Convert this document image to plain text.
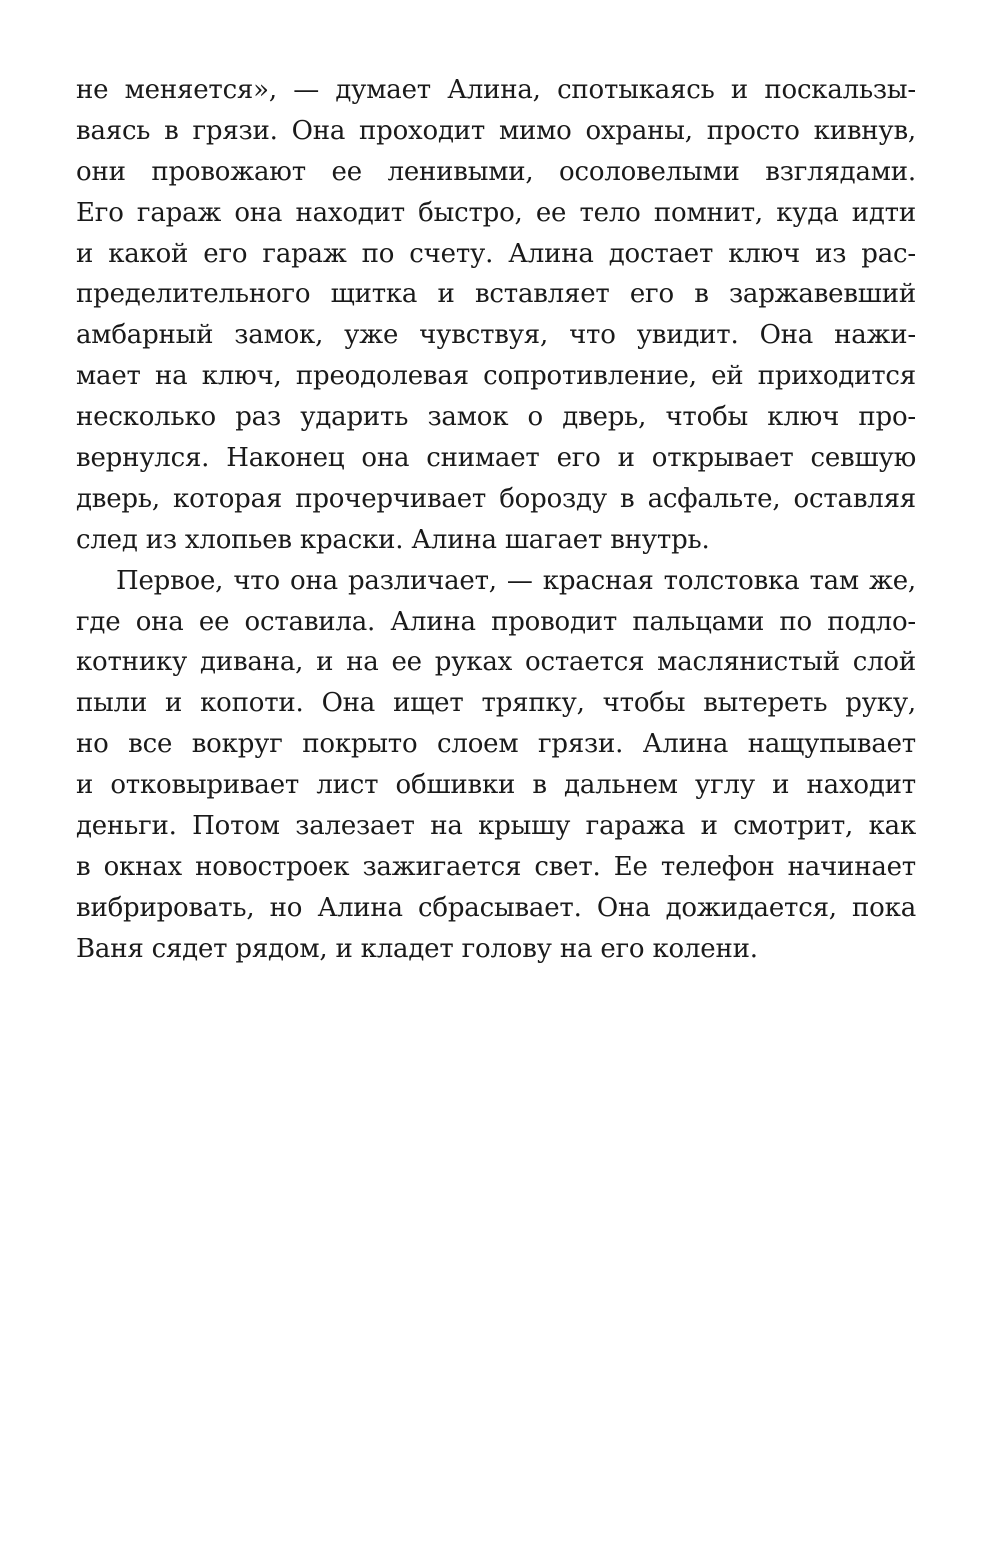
не меняется», — думает Алина, спотыкаясь и поскальзы-
ваясь в грязи. Она проходит мимо охраны, просто кивнув,
они провожают ее ленивыми, осоловелыми взглядами.
Его гараж она находит быстро, ее тело помнит, куда идти
и какой его гараж по счету. Алина достает ключ из рас-
пределительного щитка и вставляет его в заржавевший
амбарный замок, уже чувствуя, что увидит. Она нажи-
мает на ключ, преодолевая сопротивление, ей приходится
несколько раз ударить замок о дверь, чтобы ключ про-
вернулся. Наконец она снимает его и открывает севшую
дверь, которая прочерчивает борозду в асфальте, оставляя
след из хлопьев краски. Алина шагает внутрь.
Первое, что она различает, — красная толстовка там же,
где она ее оставила. Алина проводит пальцами по подло-
котнику дивана, и на ее руках остается маслянистый слой
пыли и копоти. Она ищет тряпку, чтобы вытереть руку,
но все вокруг покрыто слоем грязи. Алина нащупывает
и отковыривает лист обшивки в дальнем углу и находит
деньги. Потом залезает на крышу гаража и смотрит, как
в окнах новостроек зажигается свет. Ее телефон начинает
вибрировать, но Алина сбрасывает. Она дожидается, пока
Ваня сядет рядом, и кладет голову на его колени.
